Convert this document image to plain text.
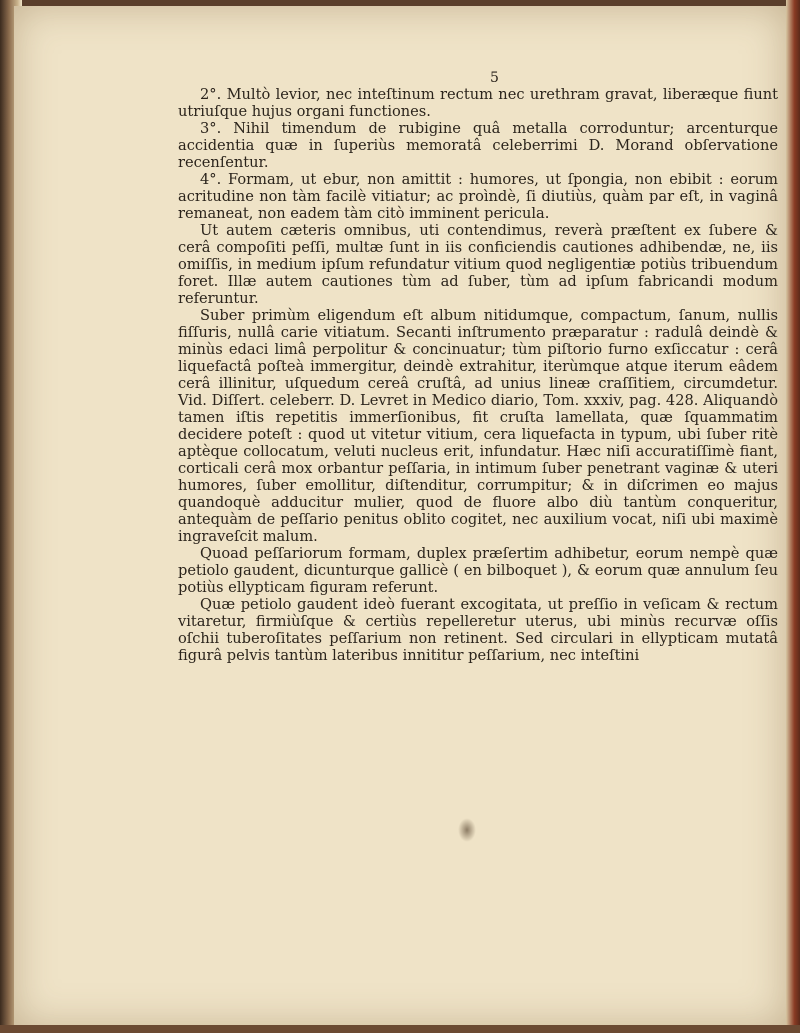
5

2°. Multò levior, nec inteſtinum rectum nec urethram gravat, liberæque fiunt utriuſque hujus organi functiones.

3°. Nihil timendum de rubigine quâ metalla corroduntur; arcenturque accidentia quæ in ſuperiùs memoratâ celeberrimi D. Morand obſervatione recenſentur.

4°. Formam, ut ebur, non amittit : humores, ut ſpongia, non ebibit : eorum acritudine non tàm facilè vitiatur; ac proìndè, ſi diutiùs, quàm par eſt, in vaginâ remaneat, non eadem tàm citò imminent pericula.

Ut autem cæteris omnibus, uti contendimus, reverà præſtent ex ſubere & cerâ compoſiti peſſi, multæ ſunt in iis conficiendis cautiones adhibendæ, ne, iis omiſſis, in medium ipſum refundatur vitium quod negligentiæ potiùs tribuendum foret. Illæ autem cautiones tùm ad ſuber, tùm ad ipſum fabricandi modum referuntur.

Suber primùm eligendum eſt album nitidumque, compactum, ſanum, nullis fiſſuris, nullâ carie vitiatum. Secanti inſtrumento præparatur : radulâ deindè & minùs edaci limâ perpolitur & concinuatur; tùm piſtorio furno exſiccatur : cerâ liquefactâ poſteà immergitur, deindè extrahitur, iterùmque atque iterum eâdem cerâ illinitur, uſquedum cereâ cruſtâ, ad unius lineæ craſſitiem, circumdetur. Vid. Diſſert. celeberr. D. Levret in Medico diario, Tom. xxxiv, pag. 428. Aliquandò tamen iſtis repetitis immerſionibus, fit cruſta lamellata, quæ ſquammatim decidere poteſt : quod ut vitetur vitium, cera liquefacta in typum, ubi ſuber ritè aptèque collocatum, veluti nucleus erit, infundatur. Hæc niſi accuratiſſimè fiant, corticali cerâ mox orbantur peſſaria, in intimum ſuber penetrant vaginæ & uteri humores, ſuber emollitur, diſtenditur, corrumpitur; & in diſcrimen eo majus quandoquè adducitur mulier, quod de fluore albo diù tantùm conqueritur, antequàm de peſſario penitus oblito cogitet, nec auxilium vocat, niſi ubi maximè ingraveſcit malum.

Quoad peſſariorum formam, duplex præſertim adhibetur, eorum nempè quæ petiolo gaudent, dicunturque gallicè ( en bilboquet ), & eorum quæ annulum ſeu potiùs ellypticam figuram referunt.

Quæ petiolo gaudent ideò fuerant excogitata, ut preſſio in veſicam & rectum vitaretur, firmiùſque & certiùs repelleretur uterus, ubi minùs recurvæ oſſis oſchii tuberoſitates peſſarium non retinent. Sed circulari in ellypticam mutatâ figurâ pelvis tantùm lateribus innititur peſſarium, nec inteſtini
